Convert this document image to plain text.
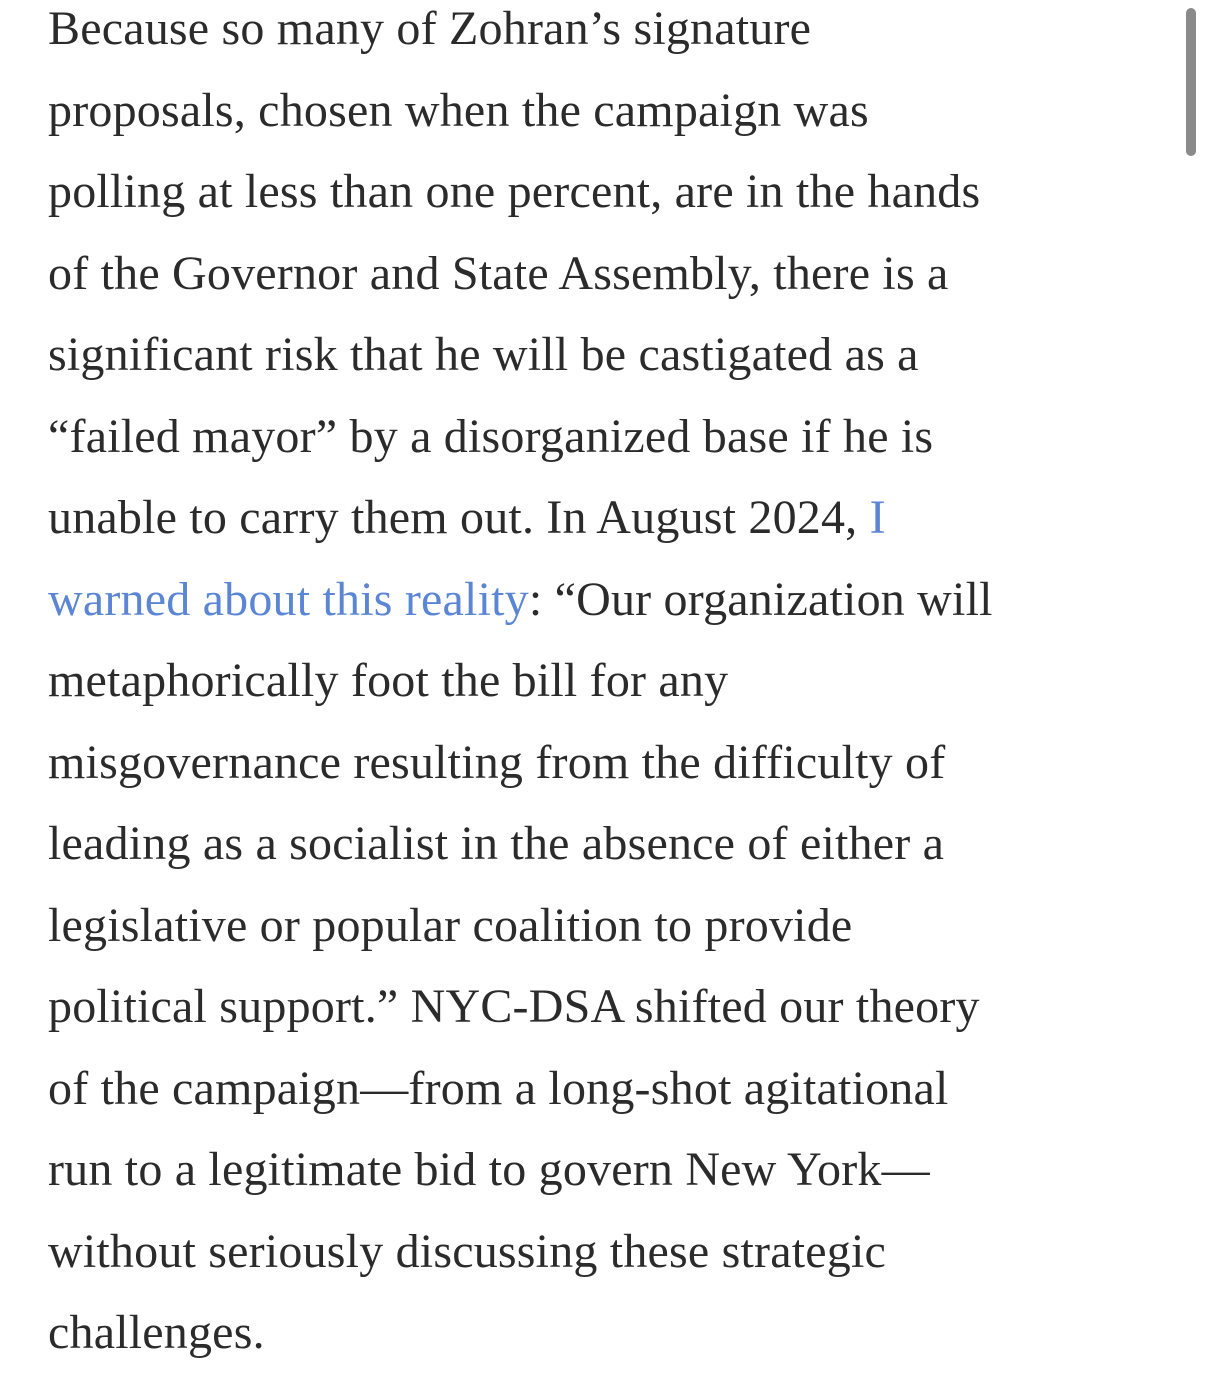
Because so many of Zohran’s signature
proposals, chosen when the campaign was
polling at less than one percent, are in the hands
of the Governor and State Assembly, there is a
significant risk that he will be castigated as a
“failed mayor” by a disorganized base if he is
unable to carry them out. In August 2024, I
warned about this reality: “Our organization will
metaphorically foot the bill for any
misgovernance resulting from the difficulty of
leading as a socialist in the absence of either a
legislative or popular coalition to provide
political support.” NYC-DSA shifted our theory
of the campaign—from a long-shot agitational
run to a legitimate bid to govern New York—
without seriously discussing these strategic
challenges.
